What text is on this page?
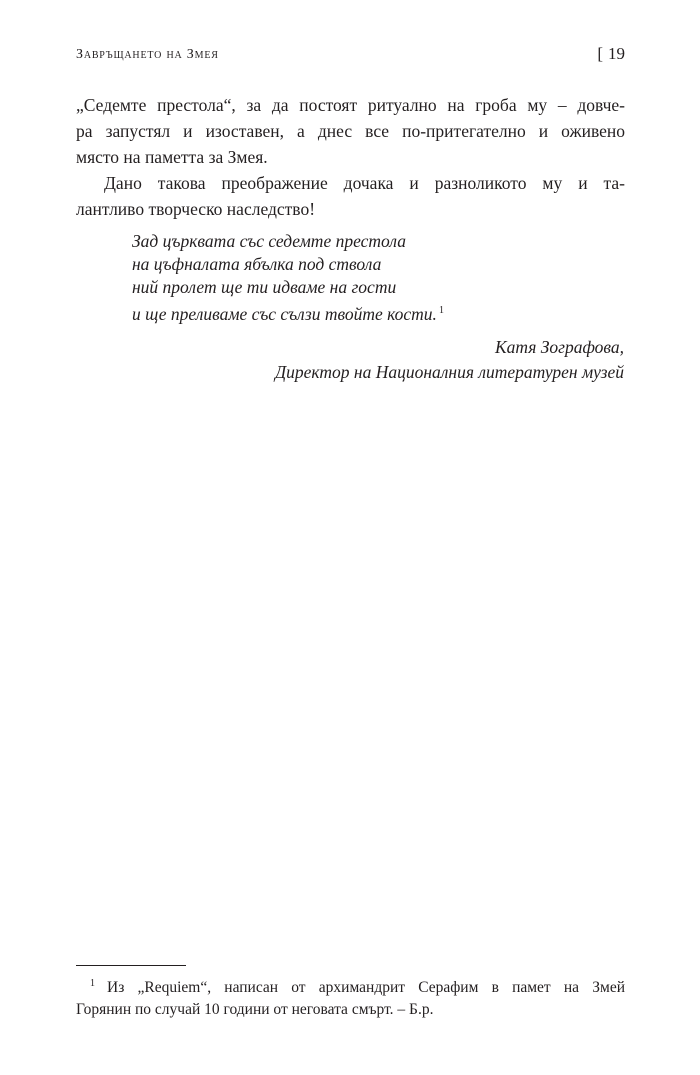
Завръщането на Змея	[ 19

„Седемте престола“, за да постоят ритуално на гроба му – довче-
ра запустял и изоставен, а днес все по-притегателно и оживено
място на паметта за Змея.

Дано такова преображение дочака и разноликото му и та-
лантливо творческо наследство!

Зад църквата със седемте престола
на цъфналата ябълка под ствола
ний пролет ще ти идваме на гости
и ще преливаме със сълзи твойте кости. $^1$
Катя Зографова,
Директор на Националния литературен музей
$^1$ Из „Requiem“, написан от архимандрит Серафим в памет на Змей
Горянин по случай 10 години от неговата смърт. – Б.р.
